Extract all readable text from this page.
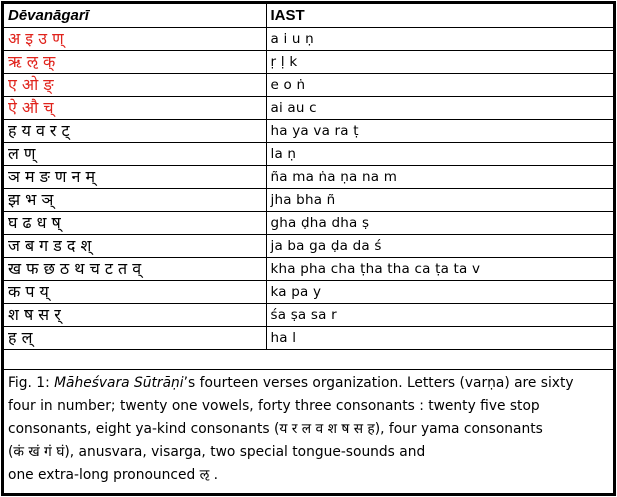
Dēvanāgarī	IAST
अ इ उ ण्	a i u ṇ
ऋ ऌ क्	ṛ ḷ k
ए ओ ङ्	e o ṅ
ऐ औ च्	ai au c
ह य व र ट्	ha ya va ra ṭ
ल ण्	la ṇ
ञ म ङ ण न म्	ña ma ṅa ṇa na m
झ भ ञ्	jha bha ñ
घ ढ ध ष्	gha ḍha dha ṣ
ज ब ग ड द श्	ja ba ga ḍa da ś
ख फ छ ठ थ च ट त व्	kha pha cha ṭha tha ca ṭa ta v
क प य्	ka pa y
श ष स र्	śa ṣa sa r
ह ल्	ha l
Fig. 1: Māheśvara Sūtrāṇi’s fourteen verses organization. Letters (varṇa) are sixty
four in number; twenty one vowels, forty three consonants : twenty five stop
consonants, eight ya-kind consonants (य र ल व श ष स ह), four yama consonants
(कं खं गं घं), anusvara, visarga, two special tongue-sounds and
one extra-long pronounced ऌ .
